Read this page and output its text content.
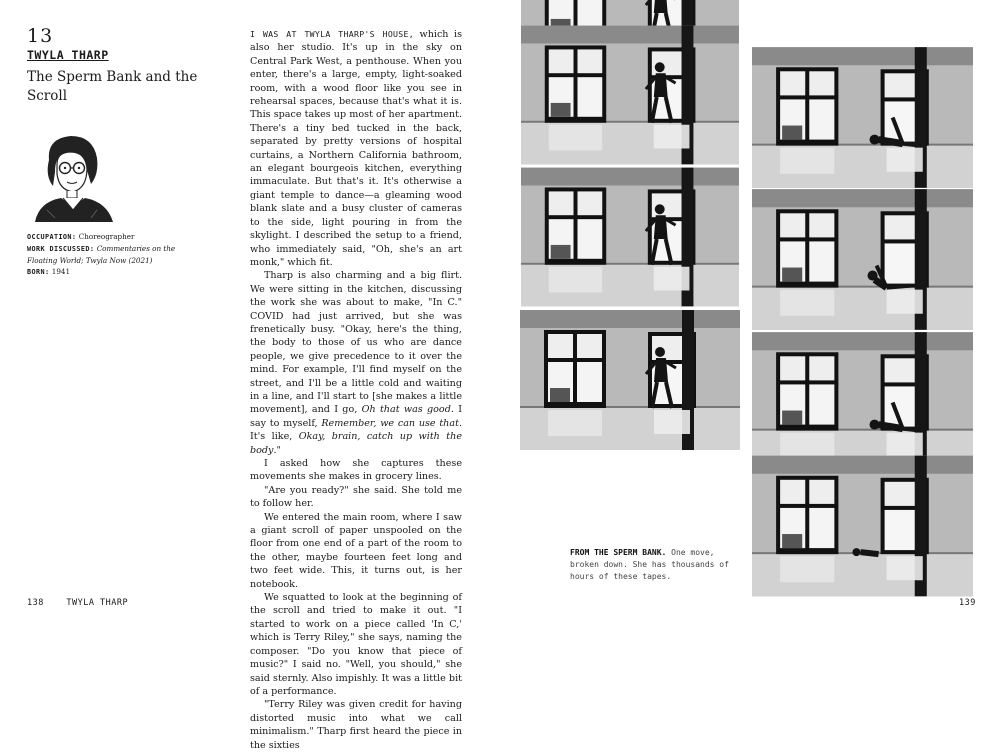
13
TWYLA THARP
The Sperm Bank and the Scroll
OCCUPATION: Choreographer
WORK DISCUSSED: Commentaries on the Floating World; Twyla Now (2021)
BORN: 1941

I WAS AT TWYLA THARP'S HOUSE, which is also her studio. It's up in the sky on Central Park West, a penthouse. When you enter, there's a large, empty, light-soaked room, with a wood floor like you see in rehearsal spaces, because that's what it is. This space takes up most of her apartment. There's a tiny bed tucked in the back, separated by pretty versions of hospital curtains, a Northern California bathroom, an elegant bourgeois kitchen, everything immaculate. But that's it. It's otherwise a giant temple to dance—a gleaming wood blank slate and a busy cluster of cameras to the side, light pouring in from the skylight. I described the setup to a friend, who immediately said, "Oh, she's an art monk," which fit.

Tharp is also charming and a big flirt. We were sitting in the kitchen, discussing the work she was about to make, "In C." COVID had just arrived, but she was frenetically busy. "Okay, here's the thing, the body to those of us who are dance people, we give precedence to it over the mind. For example, I'll find myself on the street, and I'll be a little cold and waiting in a line, and I'll start to [she makes a little movement], and I go, Oh that was good. I say to myself, Remember, we can use that. It's like, Okay, brain, catch up with the body."

I asked how she captures these movements she makes in grocery lines.

"Are you ready?" she said. She told me to follow her.

We entered the main room, where I saw a giant scroll of paper unspooled on the floor from one end of a part of the room to the other, maybe fourteen feet long and two feet wide. This, it turns out, is her notebook.

We squatted to look at the beginning of the scroll and tried to make it out. "I started to work on a piece called 'In C,' which is Terry Riley," she says, naming the composer. "Do you know that piece of music?" I said no. "Well, you should," she said sternly. Also impishly. It was a little bit of a performance.

"Terry Riley was given credit for having distorted music into what we call minimalism." Tharp first heard the piece in the sixties

138	TWYLA THARP
FROM THE SPERM BANK. One move, broken down. She has thousands of hours of these tapes.
139
